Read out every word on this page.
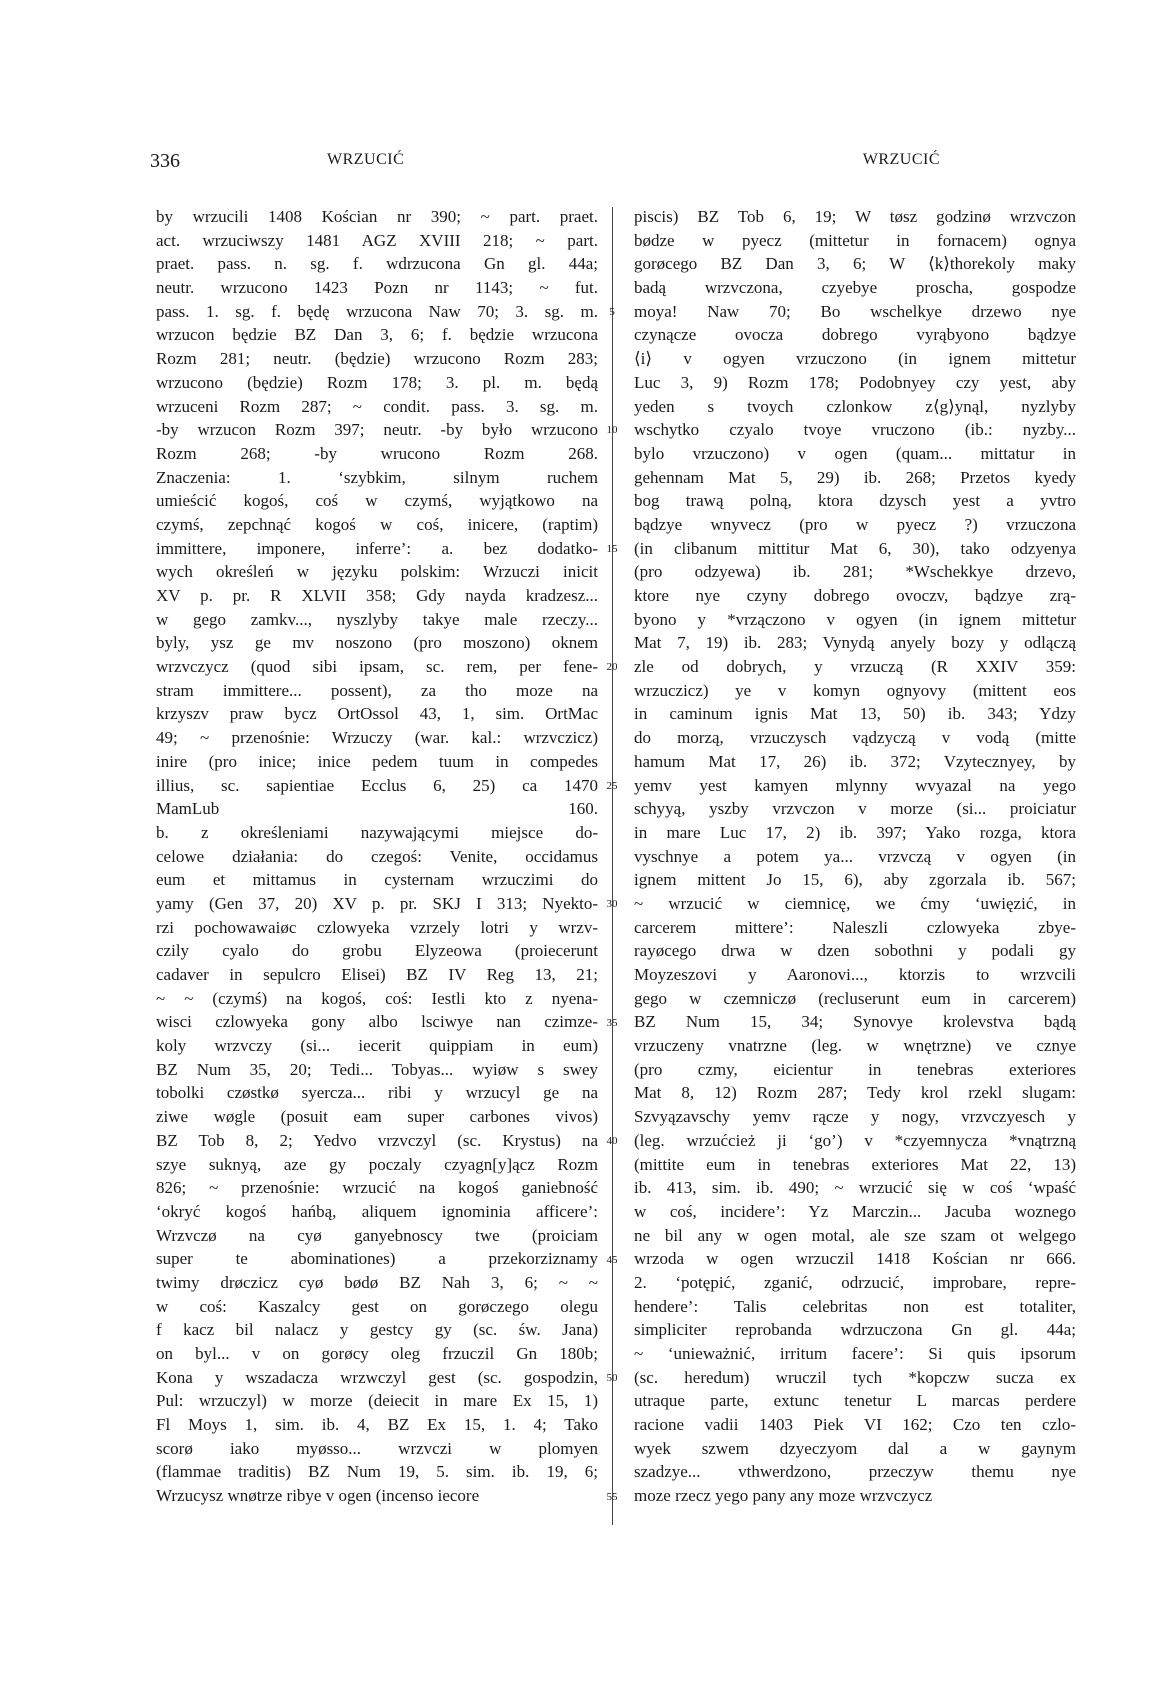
336	WRZUCIĆ	WRZUCIĆ
by wrzucili 1408 Kościan nr 390; ~ part. praet.
act. wrzuciwszy 1481 AGZ XVIII 218; ~ part.
praet. pass. n. sg. f. wdrzucona Gn gl. 44a;
neutr. wrzucono 1423 Pozn nr 1143; ~ fut.
pass. 1. sg. f. będę wrzucona Naw 70; 3. sg. m.
wrzucon będzie BZ Dan 3, 6; f. będzie wrzucona
Rozm 281; neutr. (będzie) wrzucono Rozm 283;
wrzucono (będzie) Rozm 178; 3. pl. m. będą
wrzuceni Rozm 287; ~ condit. pass. 3. sg. m.
-by wrzucon Rozm 397; neutr. -by było wrzucono
Rozm 268; -by wrucono Rozm 268.
Znaczenia: 1. ‘szybkim, silnym ruchem
umieścić kogoś, coś w czymś, wyjątkowo na
czymś, zepchnąć kogoś w coś, inicere, (raptim)
immittere, imponere, inferre’: a. bez dodatko-
wych określeń w języku polskim: Wrzuczi inicit
XV p. pr. R XLVII 358; Gdy nayda kradzesz...
w gego zamkv..., nyszlyby takye male rzeczy...
byly, ysz ge mv noszono (pro moszono) oknem
wrzvczycz (quod sibi ipsam, sc. rem, per fene-
stram immittere... possent), za tho moze na
krzyszv praw bycz OrtOssol 43, 1, sim. OrtMac
49; ~ przenośnie: Wrzuczy (war. kal.: wrzvczicz)
inire (pro inice; inice pedem tuum in compedes
illius, sc. sapientiae Ecclus 6, 25) ca 1470
MamLub 160.
b. z określeniami nazywającymi miejsce do-
celowe działania: do czegoś: Venite, occidamus
eum et mittamus in cysternam wrzuczimi do
yamy (Gen 37, 20) XV p. pr. SKJ I 313; Nyekto-
rzi pochowawaiøc czlowyeka vzrzely lotri y wrzv-
czily cyalo do grobu Elyzeowa (proiecerunt
cadaver in sepulcro Elisei) BZ IV Reg 13, 21;
~ ~ (czymś) na kogoś, coś: Iestli kto z nyena-
wisci czlowyeka gony albo lsciwye nan czimze-
koly wrzvczy (si... iecerit quippiam in eum)
BZ Num 35, 20; Tedi... Tobyas... wyiøw s swey
tobolki czøstkø syercza... ribi y wrzucyl ge na
ziwe wøgle (posuit eam super carbones vivos)
BZ Tob 8, 2; Yedvo vrzvczyl (sc. Krystus) na
szye suknyą, aze gy poczaly czyagn[y]ącz Rozm
826; ~ przenośnie: wrzucić na kogoś ganiebność
‘okryć kogoś hańbą, aliquem ignominia afficere’:
Wrzvczø na cyø ganyebnoscy twe (proiciam
super te abominationes) a przekorziznamy
twimy drøczicz cyø bødø BZ Nah 3, 6; ~ ~
w coś: Kaszalcy gest on gorøczego olegu
f kacz bil nalacz y gestcy gy (sc. św. Jana)
on byl... v on gorøcy oleg frzuczil Gn 180b;
Kona y wszadacza wrzwczyl gest (sc. gospodzin,
Pul: wrzuczyl) w morze (deiecit in mare Ex 15, 1)
Fl Moys 1, sim. ib. 4, BZ Ex 15, 1. 4; Tako
scorø iako myøsso... wrzvczi w plomyen
(flammae traditis) BZ Num 19, 5. sim. ib. 19, 6;
Wrzucysz wnøtrze ribye v ogen (incenso iecore
5
10
15
20
25
30
35
40
45
50
55
piscis) BZ Tob 6, 19; W tøsz godzinø wrzvczon
bødze w pyecz (mittetur in fornacem) ognya
gorøcego BZ Dan 3, 6; W ⟨k⟩thorekoly maky
badą wrzvczona, czyebye proscha, gospodze
moya! Naw 70; Bo wschelkye drzewo nye
czynącze ovocza dobrego vyrąbyono bądzye
⟨i⟩ v ogyen vrzuczono (in ignem mittetur
Luc 3, 9) Rozm 178; Podobnyey czy yest, aby
yeden s tvoych czlonkow z⟨g⟩ynąl, nyzlyby
wschytko czyalo tvoye vruczono (ib.: nyzby...
bylo vrzuczono) v ogen (quam... mittatur in
gehennam Mat 5, 29) ib. 268; Przetos kyedy
bog trawą polną, ktora dzysch yest a yvtro
bądzye wnyvecz (pro w pyecz ?) vrzuczona
(in clibanum mittitur Mat 6, 30), tako odzyenya
(pro odzyewa) ib. 281; *Wschekkye drzevo,
ktore nye czyny dobrego ovoczv, bądzye zrą-
byono y *vrzączono v ogyen (in ignem mittetur
Mat 7, 19) ib. 283; Vynydą anyely bozy y odlączą
zle od dobrych, y vrzuczą (R XXIV 359:
wrzuczicz) ye v komyn ognyovy (mittent eos
in caminum ignis Mat 13, 50) ib. 343; Ydzy
do morzą, vrzuczysch vądzyczą v vodą (mitte
hamum Mat 17, 26) ib. 372; Vzytecznyey, by
yemv yest kamyen mlynny wvyazal na yego
schyyą, yszby vrzvczon v morze (si... proiciatur
in mare Luc 17, 2) ib. 397; Yako rozga, ktora
vyschnye a potem ya... vrzvczą v ogyen (in
ignem mittent Jo 15, 6), aby zgorzala ib. 567;
~ wrzucić w ciemnicę, we ćmy ‘uwięzić, in
carcerem mittere’: Naleszli czlowyeka zbye-
rayøcego drwa w dzen sobothni y podali gy
Moyzeszovi y Aaronovi..., ktorzis to wrzvcili
gego w czemniczø (recluserunt eum in carcerem)
BZ Num 15, 34; Synovye krolevstva bądą
vrzuczeny vnatrzne (leg. w wnętrzne) ve cznye
(pro czmy, eicientur in tenebras exteriores
Mat 8, 12) Rozm 287; Tedy krol rzekl slugam:
Szvyązavschy yemv rącze y nogy, vrzvczyesch y
(leg. wrzućcież ji ‘go’) v *czyemnycza *vnątrzną
(mittite eum in tenebras exteriores Mat 22, 13)
ib. 413, sim. ib. 490; ~ wrzucić się w coś ‘wpaść
w coś, incidere’: Yz Marczin... Jacuba woznego
ne bil any w ogen motal, ale sze szam ot welgego
wrzoda w ogen wrzuczil 1418 Kościan nr 666.
2. ‘potępić, zganić, odrzucić, improbare, repre-
hendere’: Talis celebritas non est totaliter,
simpliciter reprobanda wdrzuczona Gn gl. 44a;
~ ‘unieważnić, irritum facere’: Si quis ipsorum
(sc. heredum) wruczil tych *kopczw sucza ex
utraque parte, extunc tenetur L marcas perdere
racione vadii 1403 Piek VI 162; Czo ten czlo-
wyek szwem dzyeczyom dal a w gaynym
szadzye... vthwerdzono, przeczyw themu nye
moze rzecz yego pany any moze wrzvczycz
